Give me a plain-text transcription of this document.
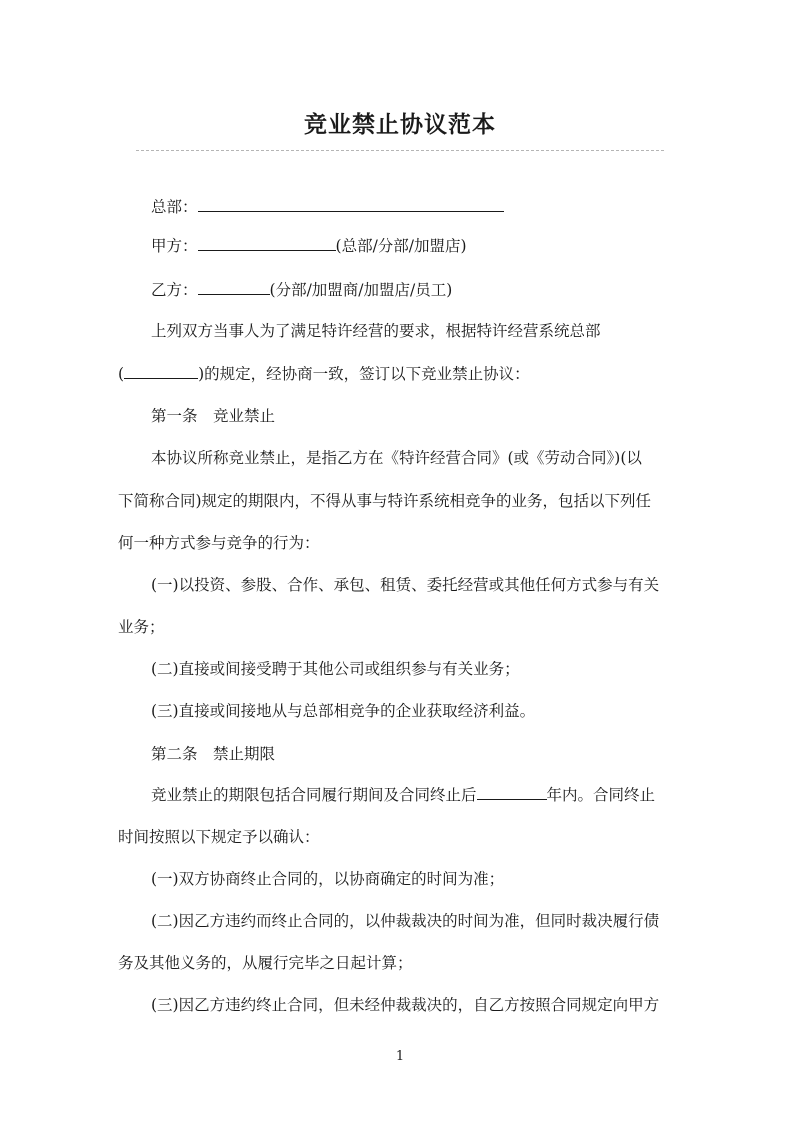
竞业禁止协议范本
总部：
甲方：	(总部/分部/加盟店)
乙方：	(分部/加盟商/加盟店/员工)
上列双方当事人为了满足特许经营的要求，根据特许经营系统总部
(	)的规定，经协商一致，签订以下竞业禁止协议：
第一条　竞业禁止
本协议所称竞业禁止，是指乙方在《特许经营合同》(或《劳动合同》)(以
下简称合同)规定的期限内，不得从事与特许系统相竞争的业务，包括以下列任
何一种方式参与竞争的行为：
(一)以投资、参股、合作、承包、租赁、委托经营或其他任何方式参与有关
业务；
(二)直接或间接受聘于其他公司或组织参与有关业务；
(三)直接或间接地从与总部相竞争的企业获取经济利益。
第二条　禁止期限
竞业禁止的期限包括合同履行期间及合同终止后	年内。合同终止
时间按照以下规定予以确认：
(一)双方协商终止合同的，以协商确定的时间为准；
(二)因乙方违约而终止合同的，以仲裁裁决的时间为准，但同时裁决履行债
务及其他义务的，从履行完毕之日起计算；
(三)因乙方违约终止合同，但未经仲裁裁决的，自乙方按照合同规定向甲方
1
